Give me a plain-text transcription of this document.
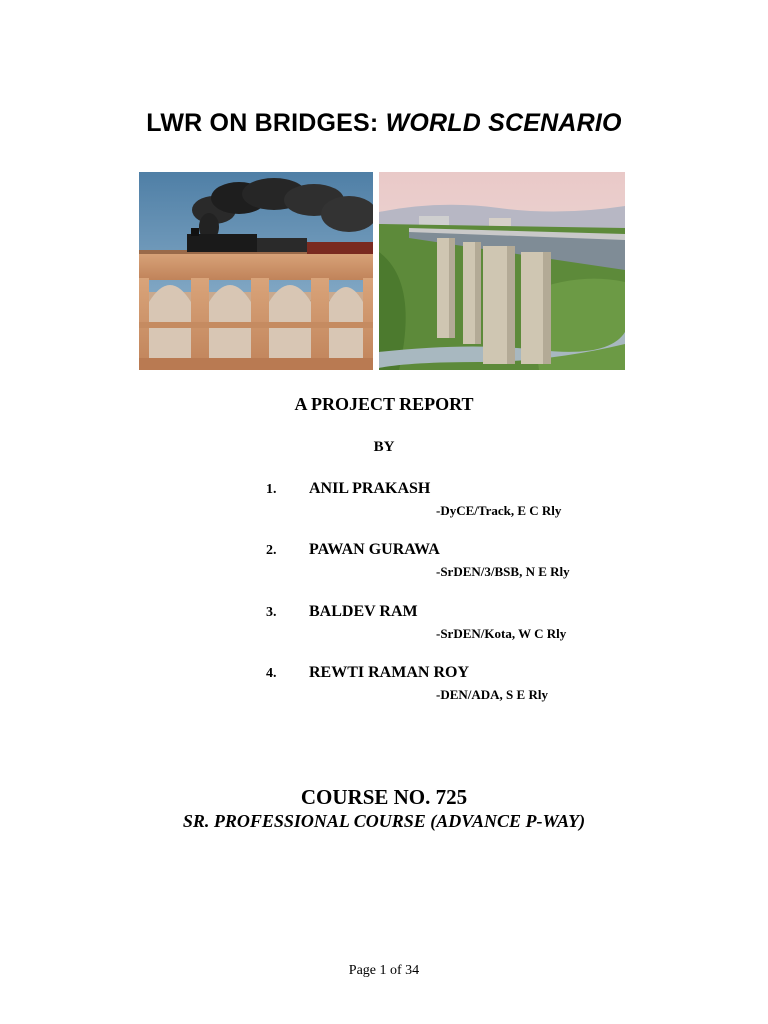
LWR ON BRIDGES: WORLD SCENARIO
A PROJECT REPORT
BY
1. ANIL PRAKASH
-DyCE/Track, E C Rly
2. PAWAN GURAWA
-SrDEN/3/BSB, N E Rly
3. BALDEV RAM
-SrDEN/Kota, W C Rly
4. REWTI RAMAN ROY
-DEN/ADA, S E Rly
COURSE NO. 725
SR. PROFESSIONAL COURSE (ADVANCE P-WAY)
Page 1 of 34
